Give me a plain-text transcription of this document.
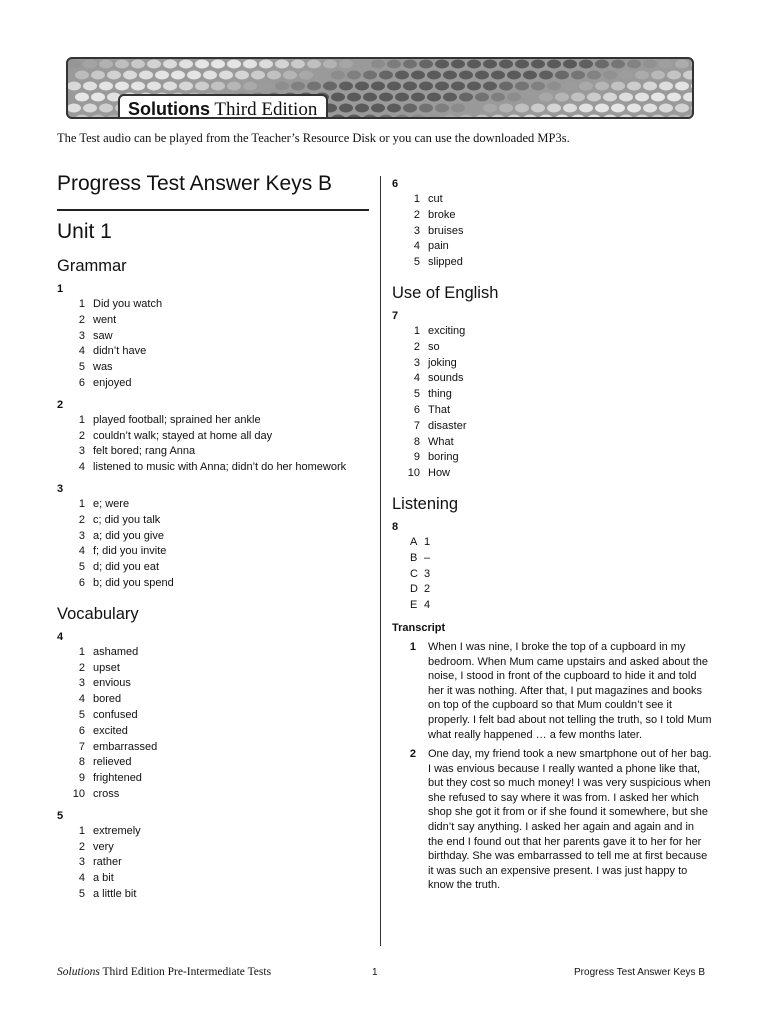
Solutions Third Edition
The Test audio can be played from the Teacher’s Resource Disk or you can use the downloaded MP3s.
Progress Test Answer Keys B
Unit 1
Grammar
1
1 Did you watch
2 went
3 saw
4 didn’t have
5 was
6 enjoyed
2
1 played football; sprained her ankle
2 couldn’t walk; stayed at home all day
3 felt bored; rang Anna
4 listened to music with Anna; didn’t do her homework
3
1 e; were
2 c; did you talk
3 a; did you give
4 f; did you invite
5 d; did you eat
6 b; did you spend
Vocabulary
4
1 ashamed
2 upset
3 envious
4 bored
5 confused
6 excited
7 embarrassed
8 relieved
9 frightened
10 cross
5
1 extremely
2 very
3 rather
4 a bit
5 a little bit
6
1 cut
2 broke
3 bruises
4 pain
5 slipped
Use of English
7
1 exciting
2 so
3 joking
4 sounds
5 thing
6 That
7 disaster
8 What
9 boring
10 How
Listening
8
A 1
B –
C 3
D 2
E 4
Transcript
1	When I was nine, I broke the top of a cupboard in my bedroom. When Mum came upstairs and asked about the noise, I stood in front of the cupboard to hide it and told her it was nothing. After that, I put magazines and books on top of the cupboard so that Mum couldn’t see it properly. I felt bad about not telling the truth, so I told Mum what really happened … a few months later.
2	One day, my friend took a new smartphone out of her bag. I was envious because I really wanted a phone like that, but they cost so much money! I was very suspicious when she refused to say where it was from. I asked her which shop she got it from or if she found it somewhere, but she didn’t say anything. I asked her again and again and in the end I found out that her parents gave it to her for her birthday. She was embarrassed to tell me at first because it was such an expensive present. I was just happy to know the truth.
Solutions Third Edition Pre-Intermediate Tests	1	Progress Test Answer Keys B
